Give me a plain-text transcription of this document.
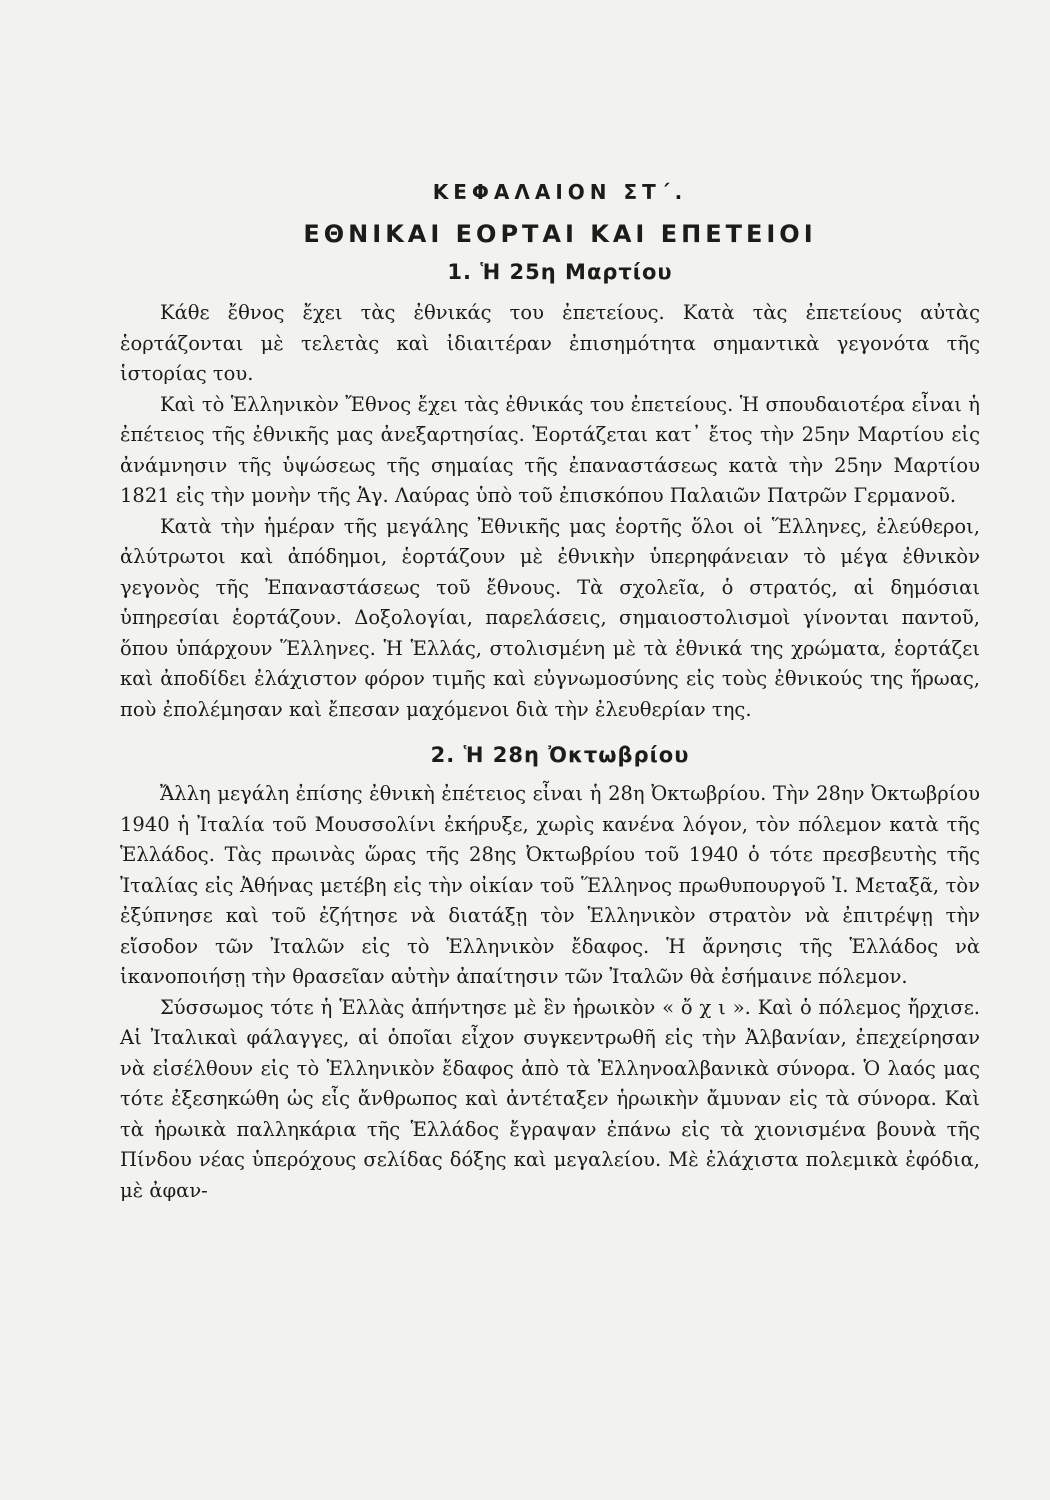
ΚΕΦΑΛΑΙΟΝ ΣΤ΄.
ΕΘΝΙΚΑΙ ΕΟΡΤΑΙ ΚΑΙ ΕΠΕΤΕΙΟΙ
1. Ἡ 25η Μαρτίου

Κάθε ἔθνος ἔχει τὰς ἐθνικάς του ἐπετείους. Κατὰ τὰς ἐπετείους αὐτὰς ἑορτάζονται μὲ τελετὰς καὶ ἰδιαιτέραν ἐπισημότητα σημαντικὰ γεγονότα τῆς ἱστορίας του.

Καὶ τὸ Ἑλληνικὸν Ἔθνος ἔχει τὰς ἐθνικάς του ἐπετείους. Ἡ σπουδαιοτέρα εἶναι ἡ ἐπέτειος τῆς ἐθνικῆς μας ἀνεξαρτησίας. Ἑορτάζεται κατ᾽ ἔτος τὴν 25ην Μαρτίου εἰς ἀνάμνησιν τῆς ὑψώσεως τῆς σημαίας τῆς ἐπαναστάσεως κατὰ τὴν 25ην Μαρτίου 1821 εἰς τὴν μονὴν τῆς Ἁγ. Λαύρας ὑπὸ τοῦ ἐπισκόπου Παλαιῶν Πατρῶν Γερμανοῦ.

Κατὰ τὴν ἡμέραν τῆς μεγάλης Ἐθνικῆς μας ἑορτῆς ὅλοι οἱ Ἕλληνες, ἐλεύθεροι, ἀλύτρωτοι καὶ ἀπόδημοι, ἑορτάζουν μὲ ἐθνικὴν ὑπερηφάνειαν τὸ μέγα ἐθνικὸν γεγονὸς τῆς Ἐπαναστάσεως τοῦ ἔθνους. Τὰ σχολεῖα, ὁ στρατός, αἱ δημόσιαι ὑπηρεσίαι ἑορτάζουν. Δοξολογίαι, παρελάσεις, σημαιοστολισμοὶ γίνονται παντοῦ, ὅπου ὑπάρχουν Ἕλληνες. Ἡ Ἑλλάς, στολισμένη μὲ τὰ ἐθνικά της χρώματα, ἑορτάζει καὶ ἀποδίδει ἐλάχιστον φόρον τιμῆς καὶ εὐγνωμοσύνης εἰς τοὺς ἐθνικούς της ἥρωας, ποὺ ἐπολέμησαν καὶ ἔπεσαν μαχόμενοι διὰ τὴν ἐλευθερίαν της.

2. Ἡ 28η Ὀκτωβρίου

Ἄλλη μεγάλη ἐπίσης ἐθνικὴ ἐπέτειος εἶναι ἡ 28η Ὀκτωβρίου. Τὴν 28ην Ὀκτωβρίου 1940 ἡ Ἰταλία τοῦ Μουσσολίνι ἐκήρυξε, χωρὶς κανένα λόγον, τὸν πόλεμον κατὰ τῆς Ἑλλάδος. Τὰς πρωινὰς ὥρας τῆς 28ης Ὀκτωβρίου τοῦ 1940 ὁ τότε πρεσβευτὴς τῆς Ἰταλίας εἰς Ἀθήνας μετέβη εἰς τὴν οἰκίαν τοῦ Ἕλληνος πρωθυπουργοῦ Ἰ. Μεταξᾶ, τὸν ἐξύπνησε καὶ τοῦ ἐζήτησε νὰ διατάξῃ τὸν Ἑλληνικὸν στρατὸν νὰ ἐπιτρέψῃ τὴν εἴσοδον τῶν Ἰταλῶν εἰς τὸ Ἑλληνικὸν ἔδαφος. Ἡ ἄρνησις τῆς Ἑλλάδος νὰ ἱκανοποιήσῃ τὴν θρασεῖαν αὐτὴν ἀπαίτησιν τῶν Ἰταλῶν θὰ ἐσήμαινε πόλεμον.

Σύσσωμος τότε ἡ Ἑλλὰς ἀπήντησε μὲ ἓν ἡρωικὸν « ὄ χ ι ». Καὶ ὁ πόλεμος ἤρχισε. Αἱ Ἰταλικαὶ φάλαγγες, αἱ ὁποῖαι εἶχον συγκεντρωθῆ εἰς τὴν Ἀλβανίαν, ἐπεχείρησαν νὰ εἰσέλθουν εἰς τὸ Ἑλληνικὸν ἔδαφος ἀπὸ τὰ Ἑλληνοαλβανικὰ σύνορα. Ὁ λαός μας τότε ἐξεσηκώθη ὡς εἷς ἄνθρωπος καὶ ἀντέταξεν ἡρωικὴν ἄμυναν εἰς τὰ σύνορα. Καὶ τὰ ἡρωικὰ παλληκάρια τῆς Ἑλλάδος ἔγραψαν ἐπάνω εἰς τὰ χιονισμένα βουνὰ τῆς Πίνδου νέας ὑπερόχους σελίδας δόξης καὶ μεγαλείου. Μὲ ἐλάχιστα πολεμικὰ ἐφόδια, μὲ ἀφαν-
